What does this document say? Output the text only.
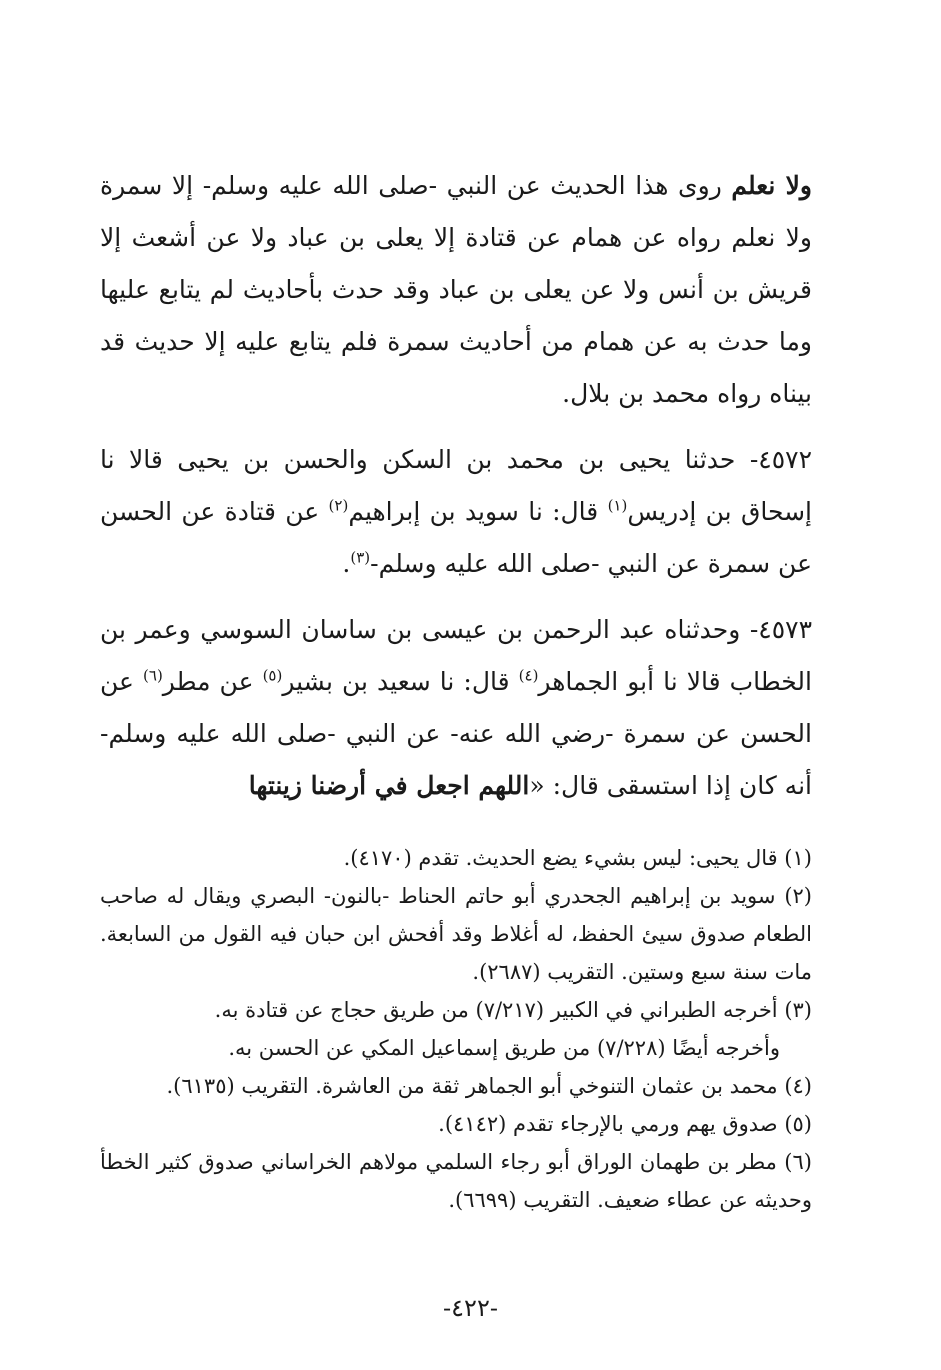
ولا نعلم روى هذا الحديث عن النبي -صلى الله عليه وسلم- إلا سمرة ولا نعلم رواه عن همام عن قتادة إلا يعلى بن عباد ولا عن أشعث إلا قريش بن أنس ولا عن يعلى بن عباد وقد حدث بأحاديث لم يتابع عليها وما حدث به عن همام من أحاديث سمرة فلم يتابع عليه إلا حديث قد بيناه رواه محمد بن بلال.

٤٥٧٢- حدثنا يحيى بن محمد بن السكن والحسن بن يحيى قالا نا إسحاق بن إدريس$^{(١)}$ قال: نا سويد بن إبراهيم$^{(٢)}$ عن قتادة عن الحسن عن سمرة عن النبي -صلى الله عليه وسلم-$^{(٣)}$.

٤٥٧٣- وحدثناه عبد الرحمن بن عيسى بن ساسان السوسي وعمر بن الخطاب قالا نا أبو الجماهر$^{(٤)}$ قال: نا سعيد بن بشير$^{(٥)}$ عن مطر$^{(٦)}$ عن الحسن عن سمرة -رضي الله عنه- عن النبي -صلى الله عليه وسلم- أنه كان إذا استسقى قال: «اللهم اجعل في أرضنا زينتها

(١) قال يحيى: ليس بشيء يضع الحديث. تقدم (٤١٧٠).

(٢) سويد بن إبراهيم الجحدري أبو حاتم الحناط -بالنون- البصري ويقال له صاحب الطعام صدوق سيئ الحفظ، له أغلاط وقد أفحش ابن حبان فيه القول من السابعة. مات سنة سبع وستين. التقريب (٢٦٨٧).

(٣) أخرجه الطبراني في الكبير (٧/٢١٧) من طريق حجاج عن قتادة به.

وأخرجه أيضًا (٧/٢٢٨) من طريق إسماعيل المكي عن الحسن به.

(٤) محمد بن عثمان التنوخي أبو الجماهر ثقة من العاشرة. التقريب (٦١٣٥).

(٥) صدوق يهم ورمي بالإرجاء تقدم (٤١٤٢).

(٦) مطر بن طهمان الوراق أبو رجاء السلمي مولاهم الخراساني صدوق كثير الخطأ وحديثه عن عطاء ضعيف. التقريب (٦٦٩٩).

-٤٢٢-
